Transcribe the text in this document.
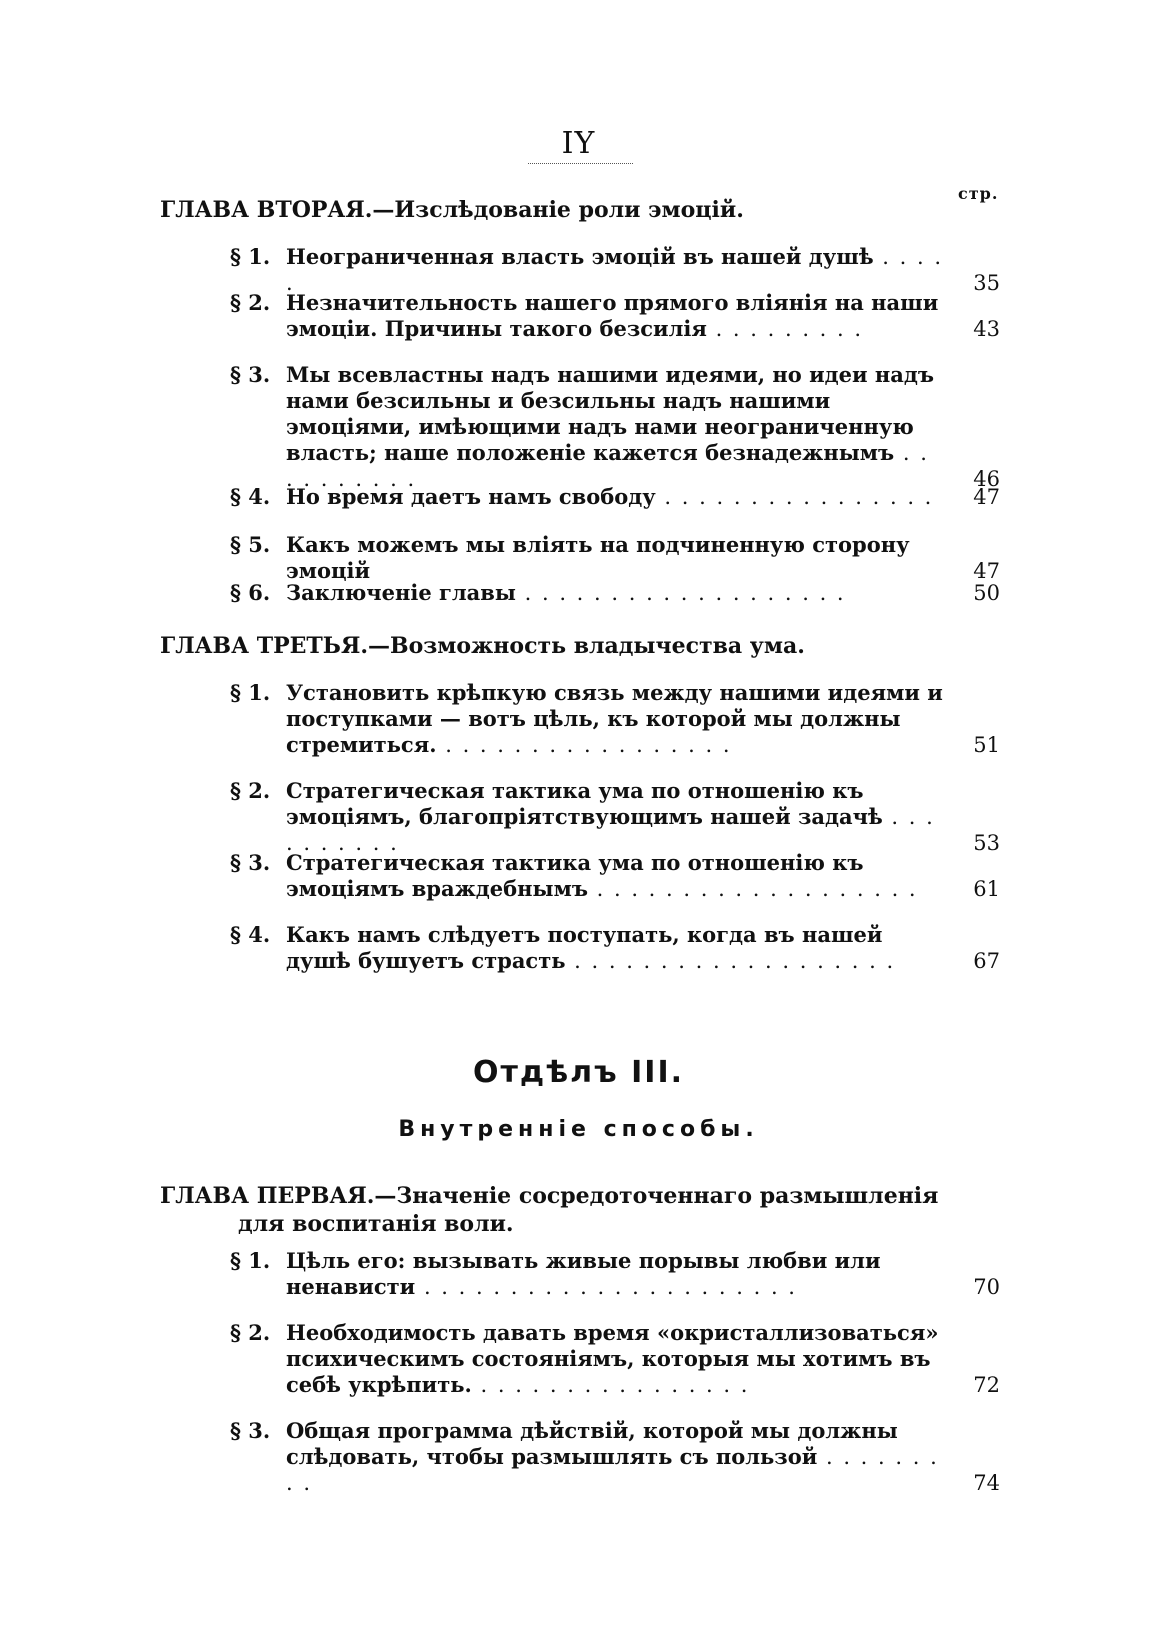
IY
стр.
ГЛАВА ВТОРАЯ.—Изслѣдованіе роли эмоцій.
§ 1. Неограниченная власть эмоцій въ нашей душѣ . . . . .	35
§ 2. Незначительность нашего прямого вліянія на наши эмоціи. Причины такого безсилія . . . . . . . . .	43
§ 3. Мы всевластны надъ нашими идеями, но идеи надъ нами безсильны и безсильны надъ нашими эмоціями, имѣющими надъ нами неограниченную власть; наше положеніе кажется безнадежнымъ . . . . . . . . . .	46
§ 4. Но время даетъ намъ свободу . . . . . . . . . . . . . . . .	47
§ 5. Какъ можемъ мы вліять на подчиненную сторону эмоцій	47
§ 6. Заключеніе главы . . . . . . . . . . . . . . . . . . .	50
ГЛАВА ТРЕТЬЯ.—Возможность владычества ума.
§ 1. Установить крѣпкую связь между нашими идеями и поступками — вотъ цѣль, къ которой мы должны стремиться. . . . . . . . . . . . . . . . . .	51
§ 2. Стратегическая тактика ума по отношенію къ эмоціямъ, благопріятствующимъ нашей задачѣ . . . . . . . . . .	53
§ 3. Стратегическая тактика ума по отношенію къ эмоціямъ враждебнымъ . . . . . . . . . . . . . . . . . . .	61
§ 4. Какъ намъ слѣдуетъ поступать, когда въ нашей душѣ бушуетъ страсть . . . . . . . . . . . . . . . . . . .	67
Отдѣлъ III.
Внутренніе способы.
ГЛАВА ПЕРВАЯ.—Значеніе сосредоточеннаго размышленія
для воспитанія воли.
§ 1. Цѣль его: вызывать живые порывы любви или ненависти . . . . . . . . . . . . . . . . . . . . . .	70
§ 2. Необходимость давать время «окристаллизоваться» психическимъ состояніямъ, которыя мы хотимъ въ себѣ укрѣпить. . . . . . . . . . . . . . . . .	72
§ 3. Общая программа дѣйствій, которой мы должны слѣдовать, чтобы размышлять съ пользой . . . . . . . . .	74
